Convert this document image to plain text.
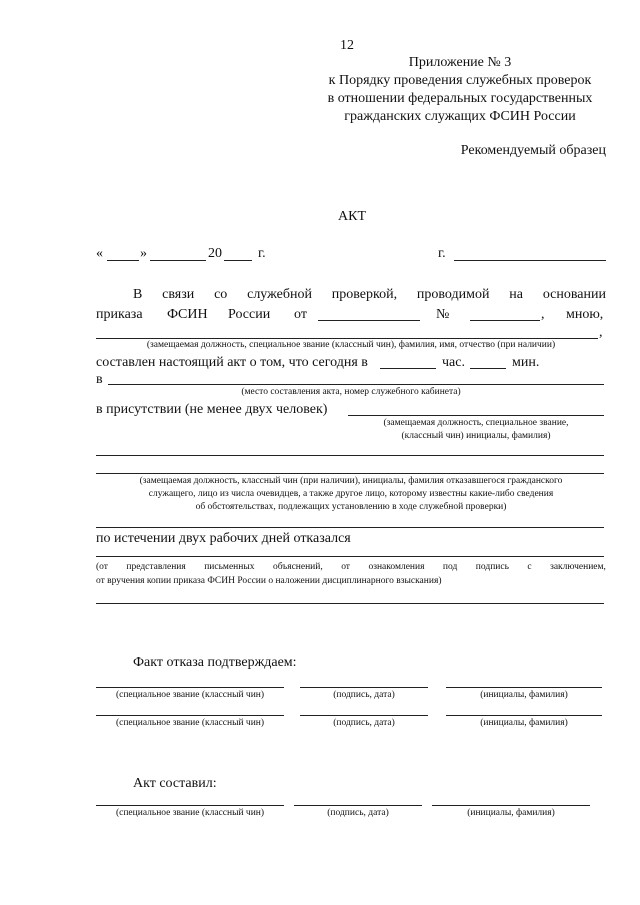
12
Приложение № 3
к Порядку проведения служебных проверок
в отношении федеральных государственных
гражданских служащих ФСИН России
Рекомендуемый образец
АКТ
«	»	20	г.	г.
В связи со служебной проверкой, проводимой на основании
приказа ФСИН России от	№	, мною,
,
(замещаемая должность, специальное звание (классный чин), фамилия, имя, отчество (при наличии)
составлен настоящий акт о том, что сегодня в	час.	мин.
в
(место составления акта, номер служебного кабинета)
в присутствии (не менее двух человек)
(замещаемая должность, специальное звание,
(классный чин) инициалы, фамилия)
(замещаемая должность, классный чин (при наличии), инициалы, фамилия отказавшегося гражданского
служащего, лицо из числа очевидцев, а также другое лицо, которому известны какие-либо сведения
об обстоятельствах, подлежащих установлению в ходе служебной проверки)
по истечении двух рабочих дней отказался
(от представления письменных объяснений, от ознакомления под подпись с заключением,
от вручения копии приказа ФСИН России о наложении дисциплинарного взыскания)
Факт отказа подтверждаем:
(специальное звание (классный чин)	(подпись, дата)	(инициалы, фамилия)
(специальное звание (классный чин)	(подпись, дата)	(инициалы, фамилия)
Акт составил:
(специальное звание (классный чин)	(подпись, дата)	(инициалы, фамилия)
